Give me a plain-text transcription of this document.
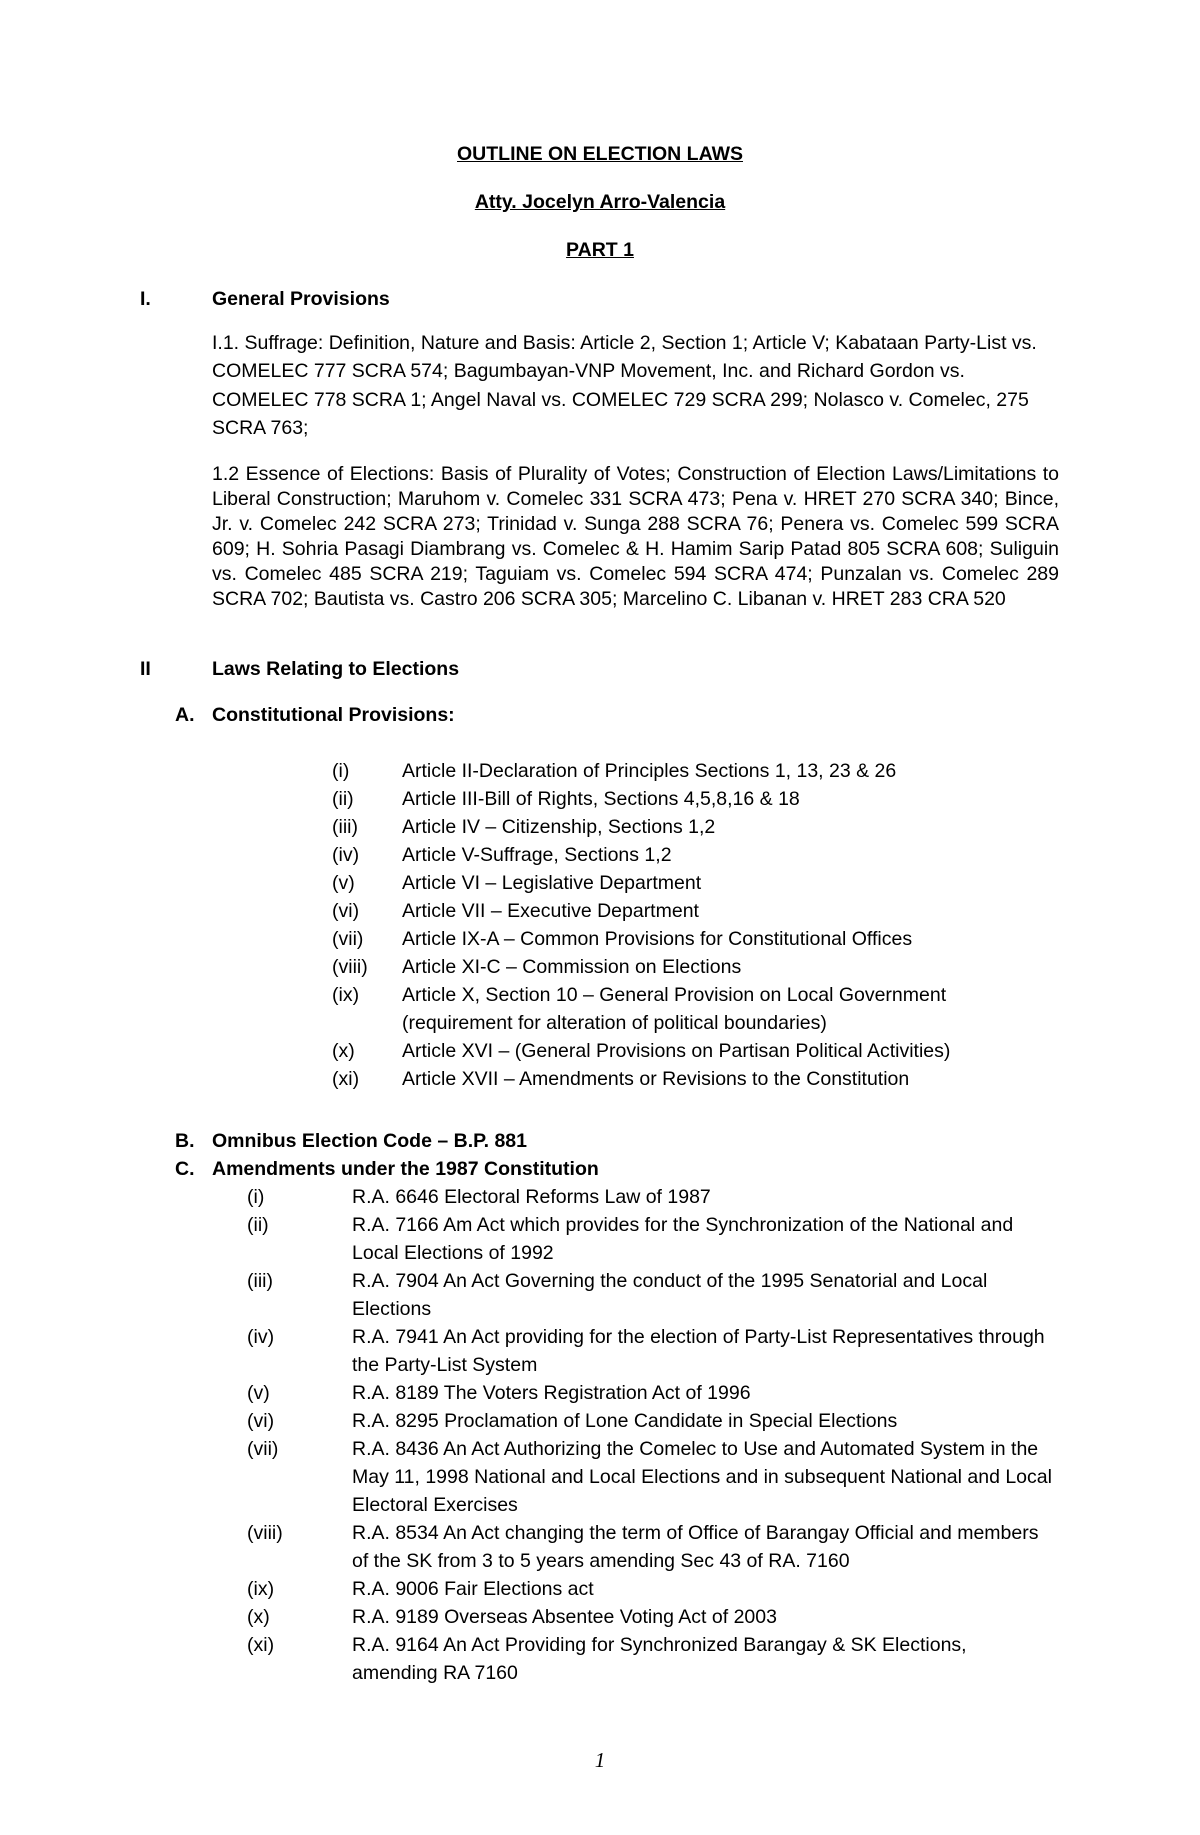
OUTLINE ON ELECTION LAWS
Atty. Jocelyn Arro-Valencia
PART 1
I.	General Provisions
I.1. Suffrage: Definition, Nature and Basis: Article 2, Section 1; Article V; Kabataan Party-List vs. COMELEC 777 SCRA 574; Bagumbayan-VNP Movement, Inc. and Richard Gordon vs. COMELEC 778 SCRA 1; Angel Naval vs. COMELEC 729 SCRA 299; Nolasco v. Comelec, 275 SCRA 763;
1.2 Essence of Elections: Basis of Plurality of Votes; Construction of Election Laws/Limitations to Liberal Construction; Maruhom v. Comelec 331 SCRA 473; Pena v. HRET 270 SCRA 340; Bince, Jr. v. Comelec 242 SCRA 273; Trinidad v. Sunga 288 SCRA 76; Penera vs. Comelec 599 SCRA 609; H. Sohria Pasagi Diambrang vs. Comelec & H. Hamim Sarip Patad 805 SCRA 608; Suliguin vs. Comelec 485 SCRA 219; Taguiam vs. Comelec 594 SCRA 474; Punzalan vs. Comelec 289 SCRA 702; Bautista vs. Castro 206 SCRA 305; Marcelino C. Libanan v. HRET 283 CRA 520
II	Laws Relating to Elections
A. Constitutional Provisions:
(i)	Article II-Declaration of Principles Sections 1, 13, 23 & 26
(ii) Article III-Bill of Rights, Sections 4,5,8,16 & 18
(iii) Article IV – Citizenship, Sections 1,2
(iv) Article V-Suffrage, Sections 1,2
(v) Article VI – Legislative Department
(vi) Article VII – Executive Department
(vii) Article IX-A – Common Provisions for Constitutional Offices
(viii) Article XI-C – Commission on Elections
(ix) Article X, Section 10 – General Provision on Local Government (requirement for alteration of political boundaries)
(x) Article XVI – (General Provisions on Partisan Political Activities)
(xi) Article XVII – Amendments or Revisions to the Constitution
B. Omnibus Election Code – B.P. 881
C. Amendments under the 1987 Constitution
(i)	R.A. 6646 Electoral Reforms Law of 1987
(ii)	R.A. 7166 Am Act which provides for the Synchronization of the National and Local Elections of 1992
(iii)	R.A. 7904 An Act Governing the conduct of the 1995 Senatorial and Local Elections
(iv)	R.A. 7941 An Act providing for the election of Party-List Representatives through the Party-List System
(v)	R.A. 8189 The Voters Registration Act of 1996
(vi)	R.A. 8295 Proclamation of Lone Candidate in Special Elections
(vii)	R.A. 8436 An Act Authorizing the Comelec to Use and Automated System in the May 11, 1998 National and Local Elections and in subsequent National and Local Electoral Exercises
(viii)	R.A. 8534 An Act changing the term of Office of Barangay Official and members of the SK from 3 to 5 years amending Sec 43 of RA. 7160
(ix)	R.A. 9006 Fair Elections act
(x)	R.A. 9189 Overseas Absentee Voting Act of 2003
(xi)	R.A. 9164 An Act Providing for Synchronized Barangay & SK Elections, amending RA 7160
1
